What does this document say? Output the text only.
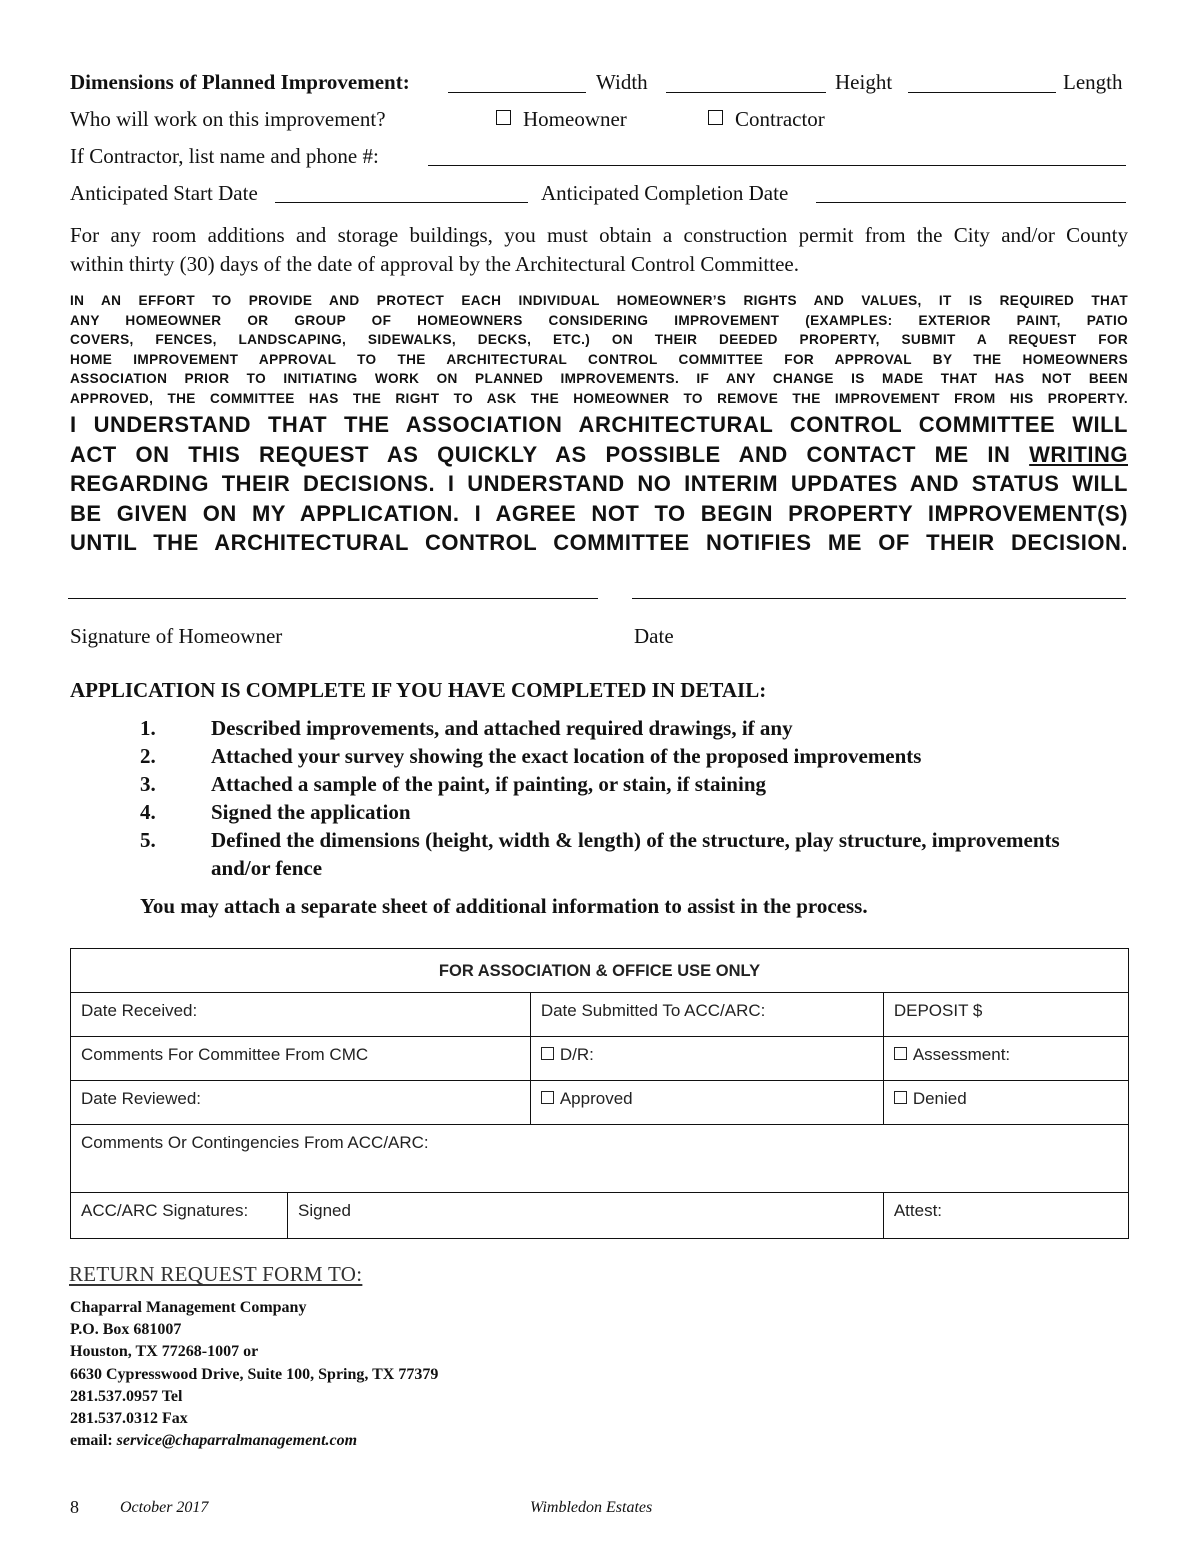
Dimensions of Planned Improvement:	Width	Height	Length
Who will work on this improvement?	Homeowner	Contractor
If Contractor, list name and phone #:
Anticipated Start Date	Anticipated Completion Date
For any room additions and storage buildings, you must obtain a construction permit from the City and/or County
within thirty (30) days of the date of approval by the Architectural Control Committee.
IN AN EFFORT TO PROVIDE AND PROTECT EACH INDIVIDUAL HOMEOWNER’S RIGHTS AND VALUES, IT IS REQUIRED THAT
ANY HOMEOWNER OR GROUP OF HOMEOWNERS CONSIDERING IMPROVEMENT (EXAMPLES: EXTERIOR PAINT, PATIO
COVERS, FENCES, LANDSCAPING, SIDEWALKS, DECKS, ETC.) ON THEIR DEEDED PROPERTY, SUBMIT A REQUEST FOR
HOME IMPROVEMENT APPROVAL TO THE ARCHITECTURAL CONTROL COMMITTEE FOR APPROVAL BY THE HOMEOWNERS
ASSOCIATION PRIOR TO INITIATING WORK ON PLANNED IMPROVEMENTS. IF ANY CHANGE IS MADE THAT HAS NOT BEEN
APPROVED, THE COMMITTEE HAS THE RIGHT TO ASK THE HOMEOWNER TO REMOVE THE IMPROVEMENT FROM HIS PROPERTY.
I UNDERSTAND THAT THE ASSOCIATION ARCHITECTURAL CONTROL COMMITTEE WILL
ACT ON THIS REQUEST AS QUICKLY AS POSSIBLE AND CONTACT ME IN WRITING
REGARDING THEIR DECISIONS. I UNDERSTAND NO INTERIM UPDATES AND STATUS WILL
BE GIVEN ON MY APPLICATION. I AGREE NOT TO BEGIN PROPERTY IMPROVEMENT(S)
UNTIL THE ARCHITECTURAL CONTROL COMMITTEE NOTIFIES ME OF THEIR DECISION.
Signature of Homeowner	Date
APPLICATION IS COMPLETE IF YOU HAVE COMPLETED IN DETAIL:
1.	Described improvements, and attached required drawings, if any
2.	Attached your survey showing the exact location of the proposed improvements
3.	Attached a sample of the paint, if painting, or stain, if staining
4.	Signed the application
5.	Defined the dimensions (height, width & length) of the structure, play structure, improvements
and/or fence
You may attach a separate sheet of additional information to assist in the process.
FOR ASSOCIATION & OFFICE USE ONLY			
Date Received:		Date Submitted To ACC/ARC:	DEPOSIT $
Comments For Committee From CMC		D/R:	Assessment:
Date Reviewed:		Approved	Denied
Comments Or Contingencies From ACC/ARC:			
ACC/ARC Signatures:	Signed		Attest:
RETURN REQUEST FORM TO:
Chaparral Management Company
P.O. Box 681007
Houston, TX 77268-1007 or
6630 Cypresswood Drive, Suite 100, Spring, TX 77379
281.537.0957 Tel
281.537.0312 Fax
email: service@chaparralmanagement.com
8	October 2017	Wimbledon Estates
